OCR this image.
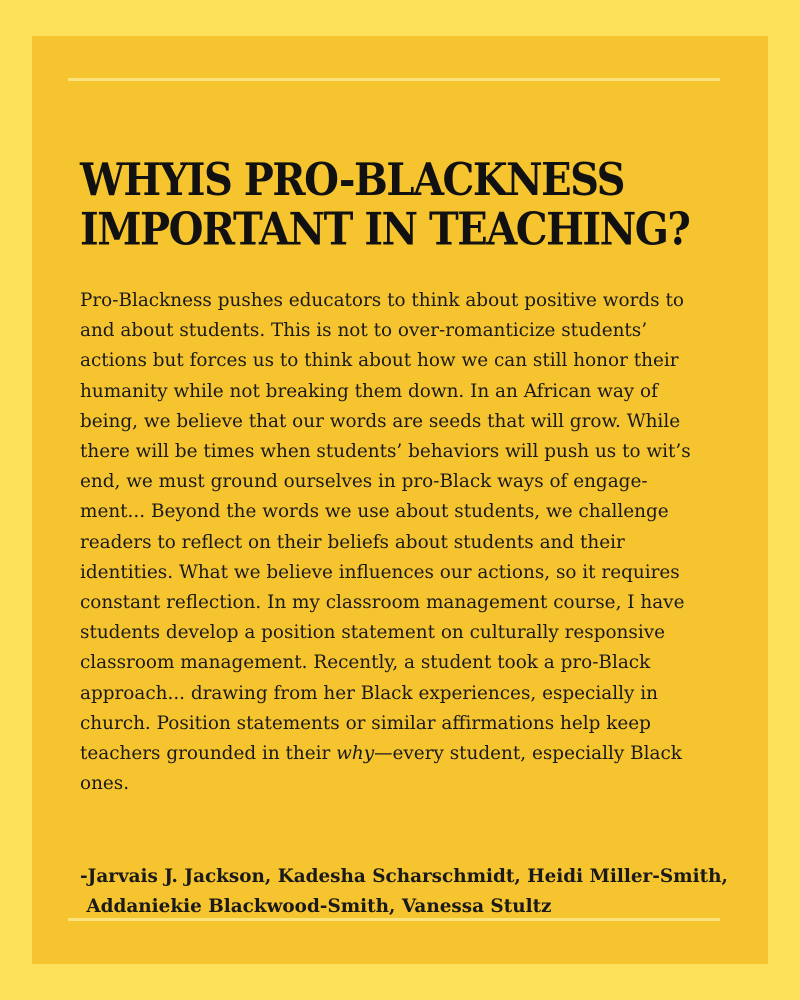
WHYIS PRO-BLACKNESS
IMPORTANT IN TEACHING?

Pro-Blackness pushes educators to think about positive words to
and about students. This is not to over-romanticize students’
actions but forces us to think about how we can still honor their
humanity while not breaking them down. In an African way of
being, we believe that our words are seeds that will grow. While
there will be times when students’ behaviors will push us to wit’s
end, we must ground ourselves in pro-Black ways of engage-
ment... Beyond the words we use about students, we challenge
readers to reflect on their beliefs about students and their
identities. What we believe influences our actions, so it requires
constant reflection. In my classroom management course, I have
students develop a position statement on culturally responsive
classroom management. Recently, a student took a pro-Black
approach... drawing from her Black experiences, especially in
church. Position statements or similar affirmations help keep
teachers grounded in their why—every student, especially Black
ones.

-Jarvais J. Jackson, Kadesha Scharschmidt, Heidi Miller-Smith,
Addaniekie Blackwood-Smith, Vanessa Stultz
